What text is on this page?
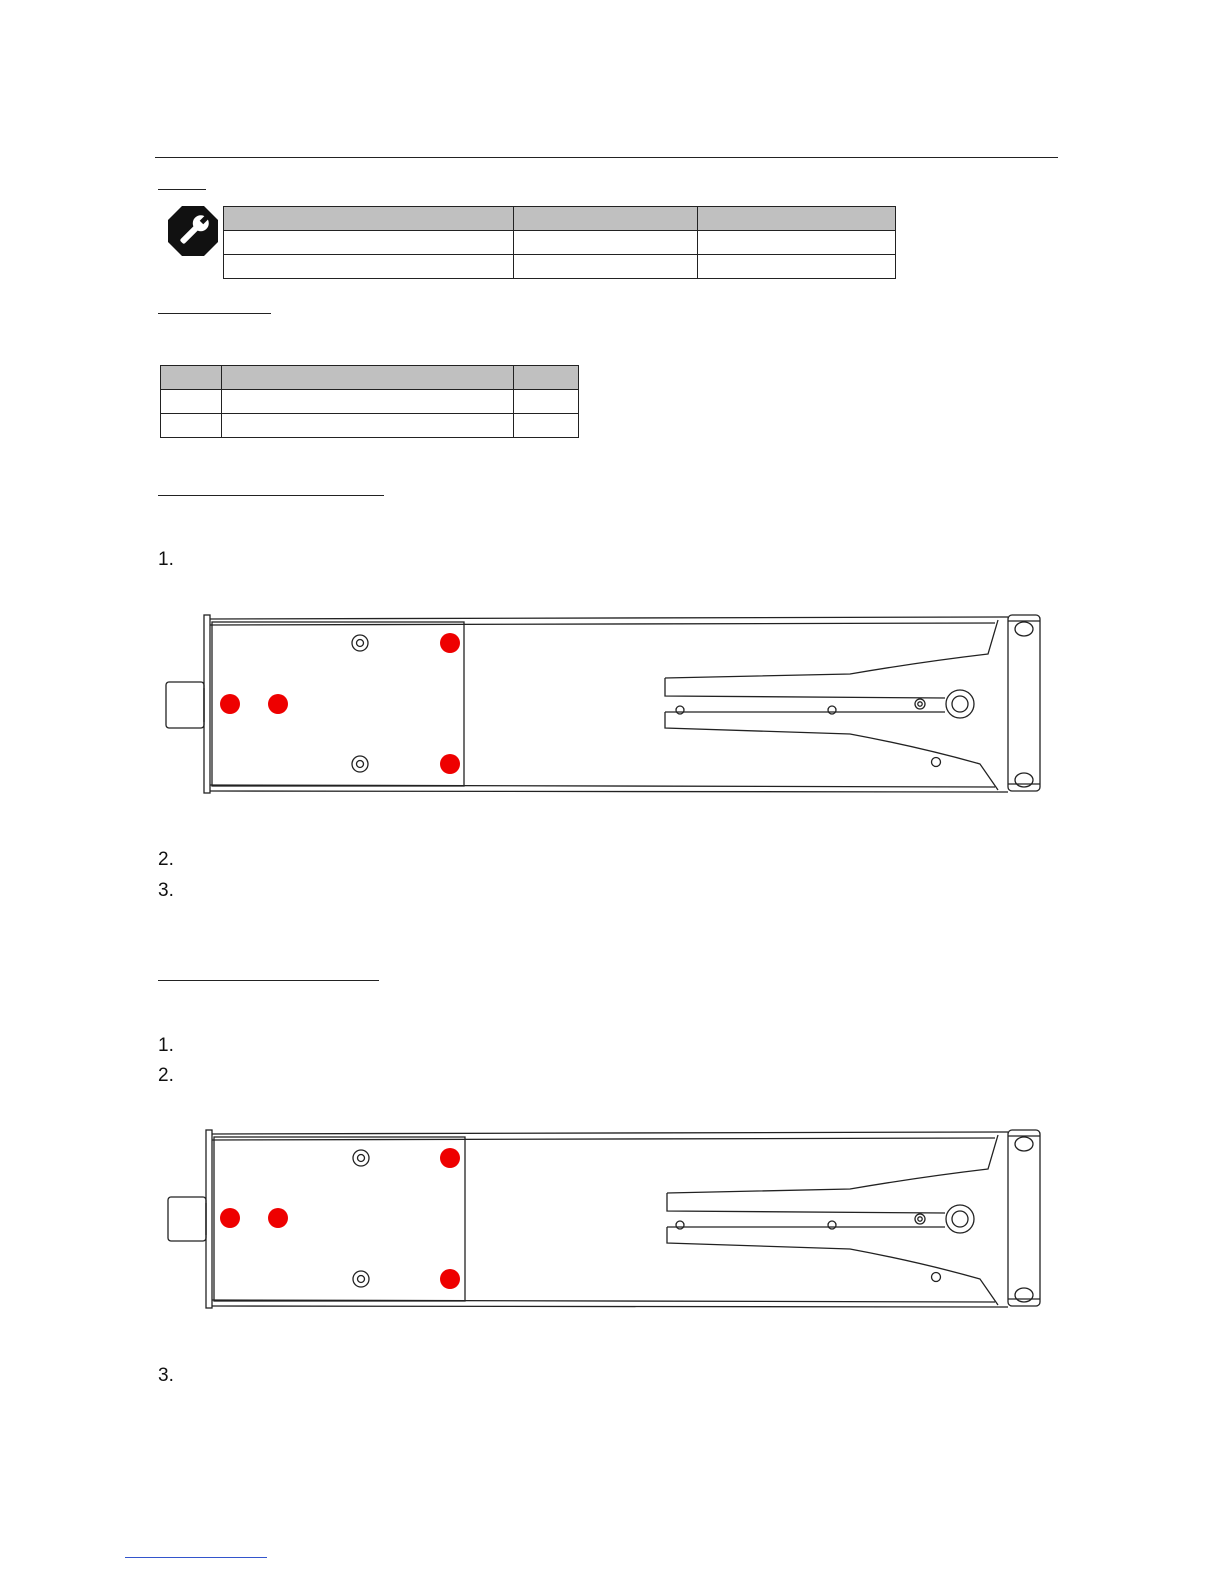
1.
2.
3.
1.
2.
3.
